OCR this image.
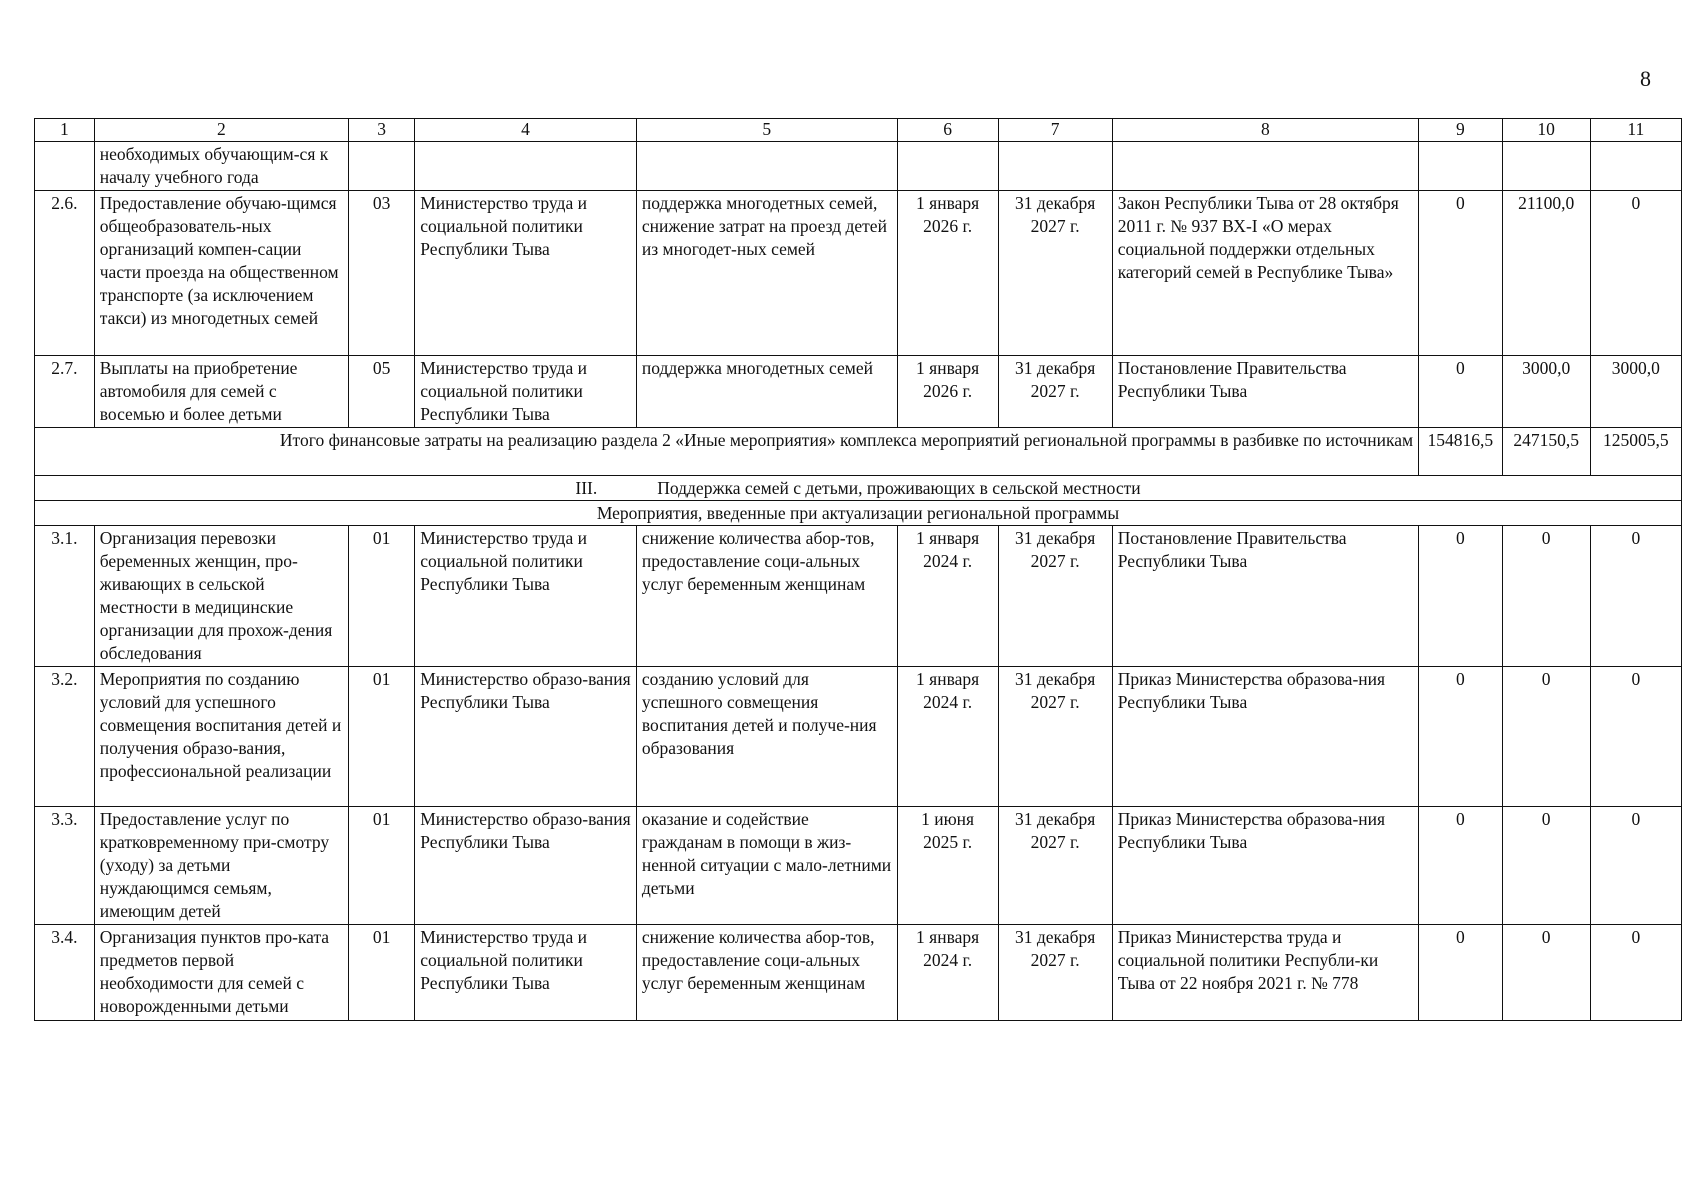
8
1	2	3	4	5	6	7	8	9	10	11
	необходимых обучающим-ся к началу учебного года									
2.6.	Предоставление обучаю-щимся общеобразователь-ных организаций компен-сации части проезда на общественном транспорте (за исключением такси) из многодетных семей	03	Министерство труда и социальной политики Республики Тыва	поддержка многодетных семей, снижение затрат на проезд детей из многодет-ных семей	1 января 2026 г.	31 декабря 2027 г.	Закон Республики Тыва от 28 октября 2011 г. № 937 ВХ-I «О мерах социальной поддержки отдельных категорий семей в Республике Тыва»	0	21100,0	0
2.7.	Выплаты на приобретение автомобиля для семей с восемью и более детьми	05	Министерство труда и социальной политики Республики Тыва	поддержка многодетных семей	1 января 2026 г.	31 декабря 2027 г.	Постановление Правительства Республики Тыва	0	3000,0	3000,0
Итого финансовые затраты на реализацию раздела 2 «Иные мероприятия» комплекса мероприятий региональной программы в разбивке по источникам								154816,5	247150,5	125005,5
III. Поддержка семей с детьми, проживающих в сельской местности										
Мероприятия, введенные при актуализации региональной программы										
3.1.	Организация перевозки беременных женщин, про-живающих в сельской местности в медицинские организации для прохож-дения обследования	01	Министерство труда и социальной политики Республики Тыва	снижение количества абор-тов, предоставление соци-альных услуг беременным женщинам	1 января 2024 г.	31 декабря 2027 г.	Постановление Правительства Республики Тыва	0	0	0
3.2.	Мероприятия по созданию условий для успешного совмещения воспитания детей и получения образо-вания, профессиональной реализации	01	Министерство образо-вания Республики Тыва	созданию условий для успешного совмещения воспитания детей и получе-ния образования	1 января 2024 г.	31 декабря 2027 г.	Приказ Министерства образова-ния Республики Тыва	0	0	0
3.3.	Предоставление услуг по кратковременному при-смотру (уходу) за детьми нуждающимся семьям, имеющим детей	01	Министерство образо-вания Республики Тыва	оказание и содействие гражданам в помощи в жиз-ненной ситуации с мало-летними детьми	1 июня 2025 г.	31 декабря 2027 г.	Приказ Министерства образова-ния Республики Тыва	0	0	0
3.4.	Организация пунктов про-ката предметов первой необходимости для семей с новорожденными детьми	01	Министерство труда и социальной политики Республики Тыва	снижение количества абор-тов, предоставление соци-альных услуг беременным женщинам	1 января 2024 г.	31 декабря 2027 г.	Приказ Министерства труда и социальной политики Республи-ки Тыва от 22 ноября 2021 г. № 778	0	0	0
